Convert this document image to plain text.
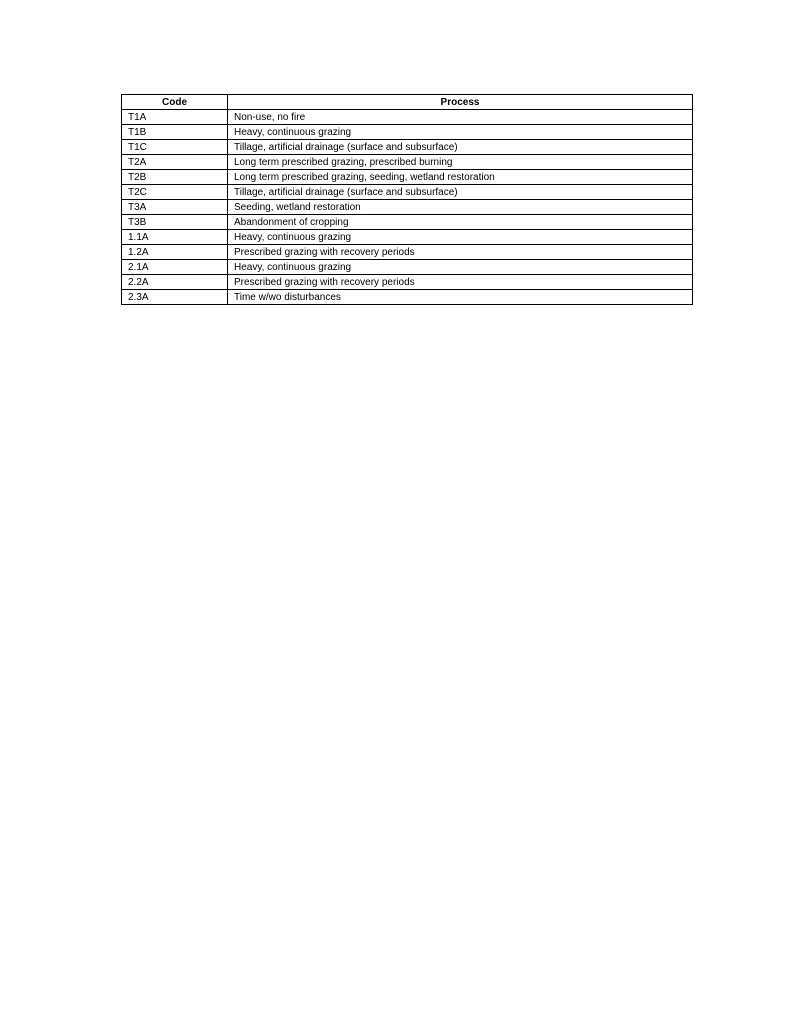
Code	Process
T1A	Non-use, no fire
T1B	Heavy, continuous grazing
T1C	Tillage, artificial drainage (surface and subsurface)
T2A	Long term prescribed grazing, prescribed burning
T2B	Long term prescribed grazing, seeding, wetland restoration
T2C	Tillage, artificial drainage (surface and subsurface)
T3A	Seeding, wetland restoration
T3B	Abandonment of cropping
1.1A	Heavy, continuous grazing
1.2A	Prescribed grazing with recovery periods
2.1A	Heavy, continuous grazing
2.2A	Prescribed grazing with recovery periods
2.3A	Time w/wo disturbances
